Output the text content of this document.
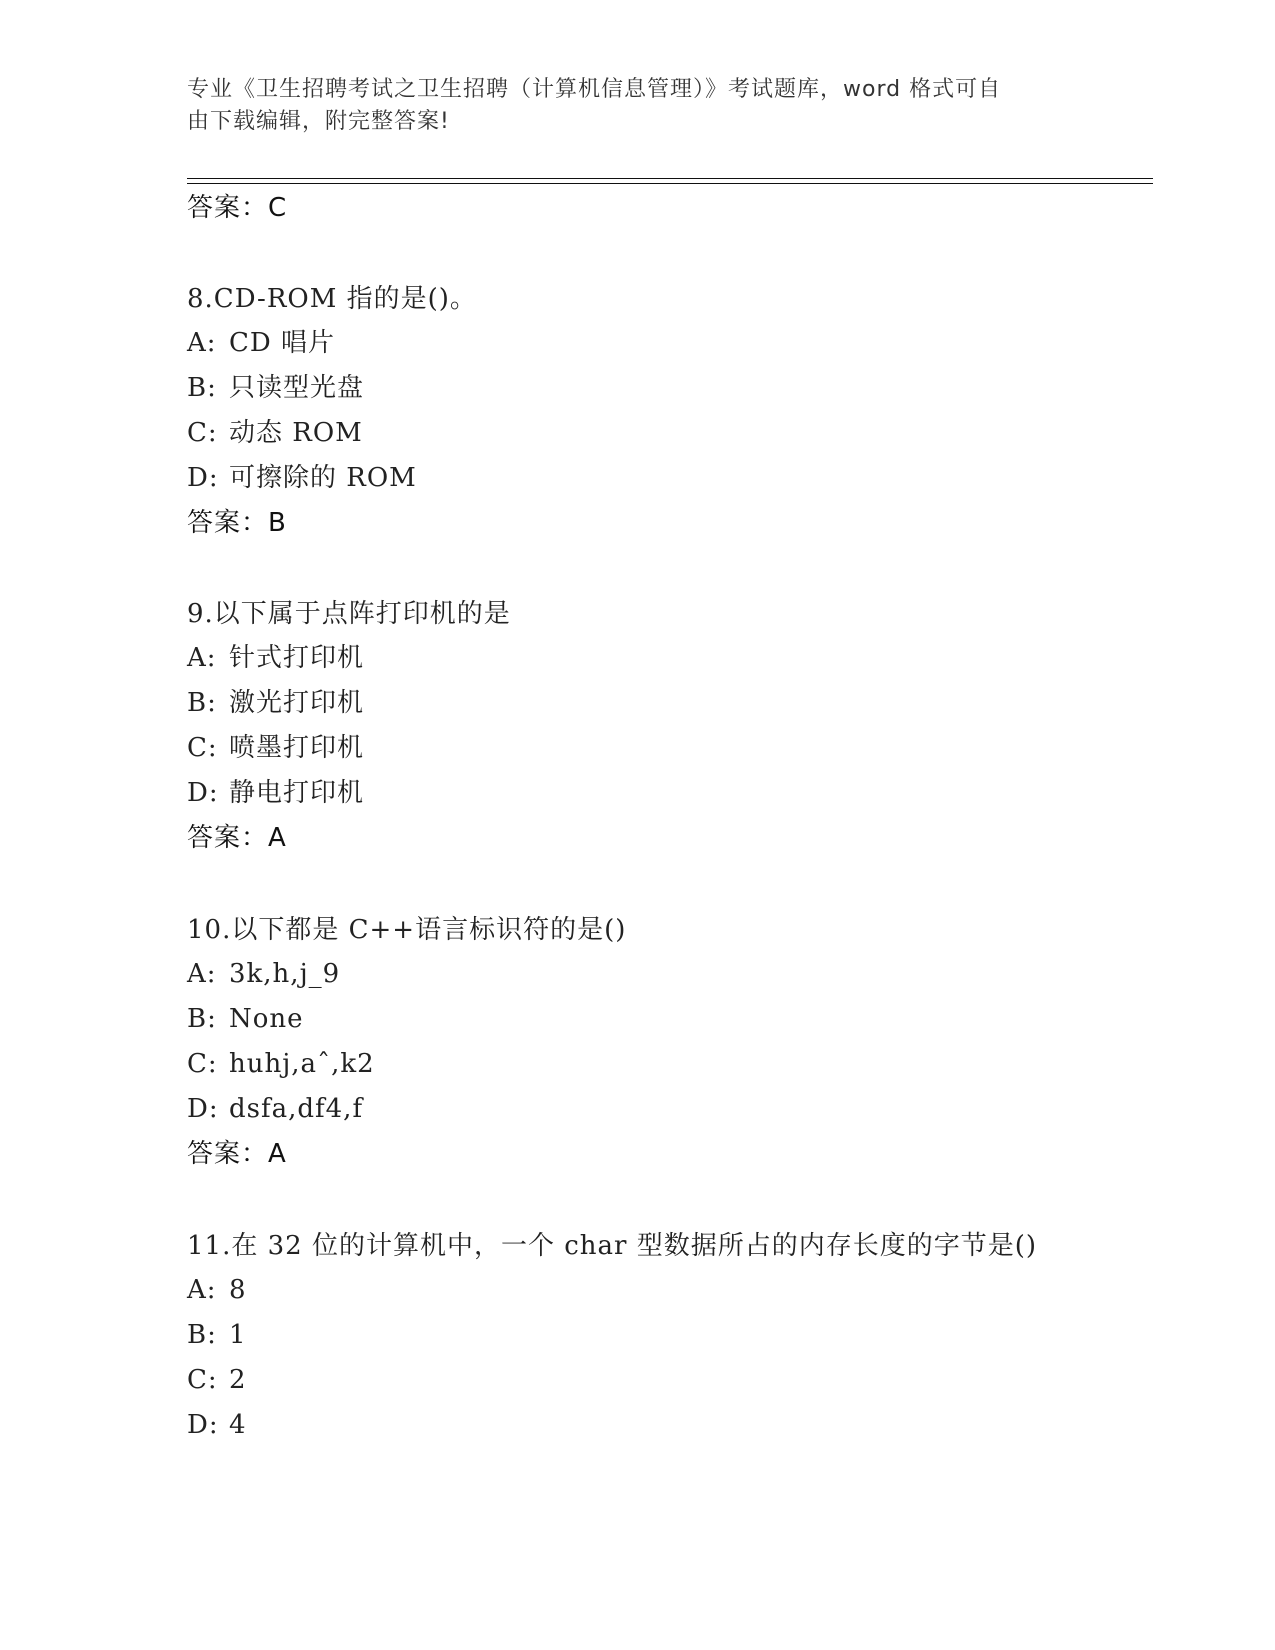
专业《卫生招聘考试之卫生招聘（计算机信息管理）》考试题库，word 格式可自
由下载编辑，附完整答案!
答案：C
8.CD-ROM 指的是()。
A: CD 唱片
B: 只读型光盘
C: 动态 ROM
D: 可擦除的 ROM
答案：B
9.以下属于点阵打印机的是
A: 针式打印机
B: 激光打印机
C: 喷墨打印机
D: 静电打印机
答案：A
10.以下都是 C++语言标识符的是()
A: 3k,h,j_9
B: None
C: huhj,aˆ,k2
D: dsfa,df4,f
答案：A
11.在 32 位的计算机中，一个 char 型数据所占的内存长度的字节是()
A: 8
B: 1
C: 2
D: 4
